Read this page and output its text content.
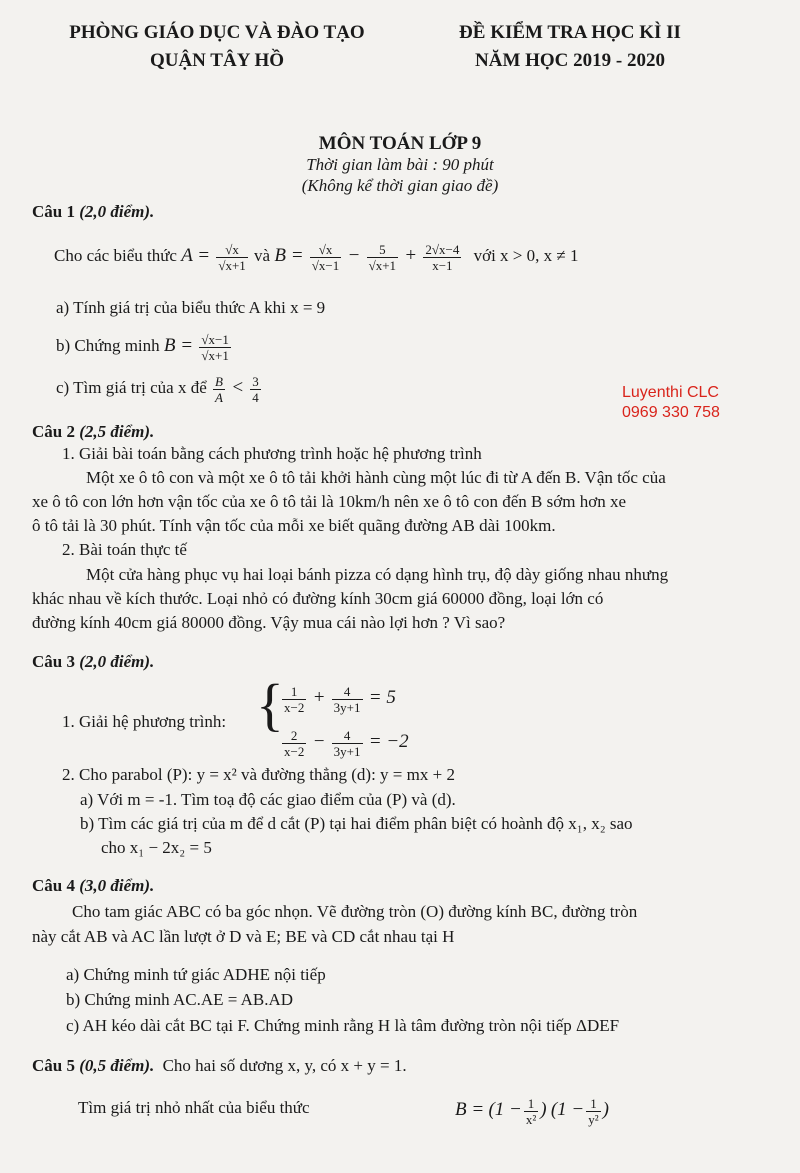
PHÒNG GIÁO DỤC VÀ ĐÀO TẠO
QUẬN TÂY HỒ
ĐỀ KIỂM TRA HỌC KÌ II
NĂM HỌC 2019 - 2020
MÔN TOÁN LỚP 9
Thời gian làm bài : 90 phút
(Không kể thời gian giao đề)
Luyenthi CLC
0969 330 758
Câu 1 (2,0 điểm).
Cho các biểu thức $A = \frac{√x}{√x+1}$ và $B = \frac{√x}{√x-1} - \frac{5}{√x+1} + \frac{2√x-4}{x-1}$ với x > 0, x ≠ 1
a) Tính giá trị của biểu thức A khi x = 9
b) Chứng minh $B = \frac{√x-1}{√x+1}$
c) Tìm giá trị của x để $\frac{B}{A} < \frac{3}{4}$
Câu 2 (2,5 điểm).
1. Giải bài toán bằng cách phương trình hoặc hệ phương trình
Một xe ô tô con và một xe ô tô tải khởi hành cùng một lúc đi từ A đến B. Vận tốc của
xe ô tô con lớn hơn vận tốc của xe ô tô tải là 10km/h nên xe ô tô con đến B sớm hơn xe
ô tô tải là 30 phút. Tính vận tốc của mỗi xe biết quãng đường AB dài 100km.
2. Bài toán thực tế
Một cửa hàng phục vụ hai loại bánh pizza có dạng hình trụ, độ dày giống nhau nhưng
khác nhau về kích thước. Loại nhỏ có đường kính 30cm giá 60000 đồng, loại lớn có
đường kính 40cm giá 80000 đồng. Vậy mua cái nào lợi hơn ? Vì sao?
Câu 3 (2,0 điểm).
1. Giải hệ phương trình: {
$\frac{1}{x-2} + \frac{4}{3y+1} = 5$
$\frac{2}{x-2} - \frac{4}{3y+1} = -2$
2. Cho parabol (P): y = x² và đường thẳng (d): y = mx + 2
a) Với m = -1. Tìm toạ độ các giao điểm của (P) và (d).
b) Tìm các giá trị của m để d cắt (P) tại hai điểm phân biệt có hoành độ x₁, x₂ sao
cho x₁ − 2x₂ = 5
Câu 4 (3,0 điểm).
Cho tam giác ABC có ba góc nhọn. Vẽ đường tròn (O) đường kính BC, đường tròn
này cắt AB và AC lần lượt ở D và E; BE và CD cắt nhau tại H
a) Chứng minh tứ giác ADHE nội tiếp
b) Chứng minh AC.AE = AB.AD
c) AH kéo dài cắt BC tại F. Chứng minh rằng H là tâm đường tròn nội tiếp ΔDEF
Câu 5 (0,5 điểm). Cho hai số dương x, y, có x + y = 1.
Tìm giá trị nhỏ nhất của biểu thức	$B = (1 - \frac{1}{\text{x²}}$ ) ($1 - \frac{1}{\text{y²}}$ )
